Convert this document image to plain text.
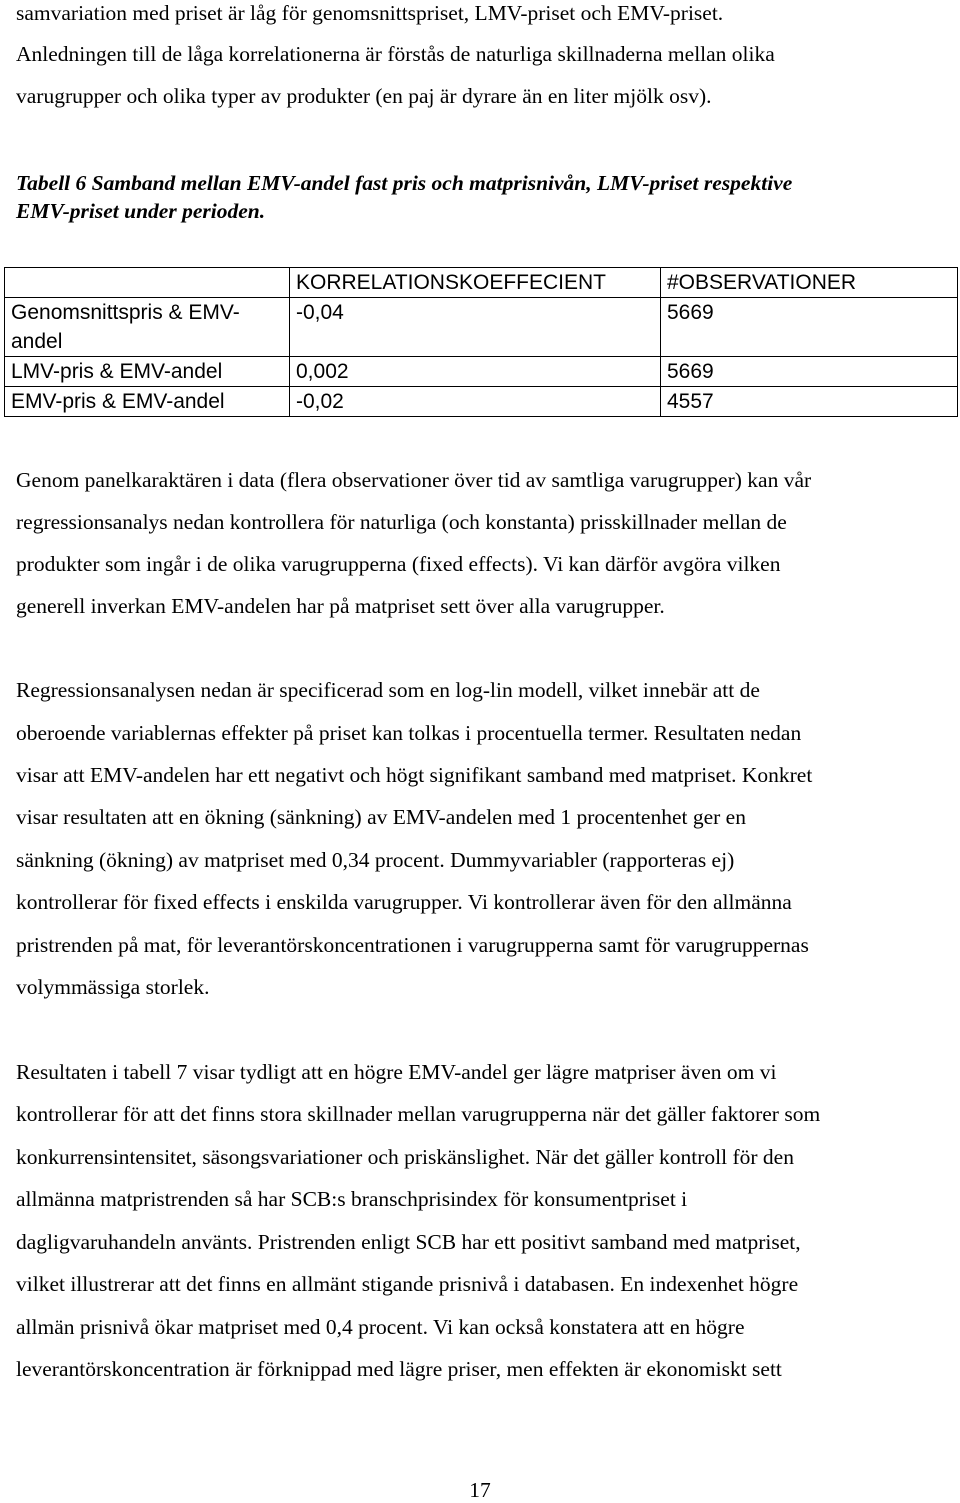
samvariation med priset är låg för genomsnittspriset, LMV-priset och EMV-priset.
Anledningen till de låga korrelationerna är förstås de naturliga skillnaderna mellan olika
varugrupper och olika typer av produkter (en paj är dyrare än en liter mjölk osv).
Tabell 6 Samband mellan EMV-andel fast pris och matprisnivån, LMV-priset respektive
EMV-priset under perioden.
	KORRELATIONSKOEFFECIENT	#OBSERVATIONER

Genomsnittspris & EMV-
andel	-0,04	5669
LMV-pris & EMV-andel	0,002	5669
EMV-pris & EMV-andel	-0,02	4557
Genom panelkaraktären i data (flera observationer över tid av samtliga varugrupper) kan vår
regressionsanalys nedan kontrollera för naturliga (och konstanta) prisskillnader mellan de
produkter som ingår i de olika varugrupperna (fixed effects). Vi kan därför avgöra vilken
generell inverkan EMV-andelen har på matpriset sett över alla varugrupper.
Regressionsanalysen nedan är specificerad som en log-lin modell, vilket innebär att de
oberoende variablernas effekter på priset kan tolkas i procentuella termer. Resultaten nedan
visar att EMV-andelen har ett negativt och högt signifikant samband med matpriset. Konkret
visar resultaten att en ökning (sänkning) av EMV-andelen med 1 procentenhet ger en
sänkning (ökning) av matpriset med 0,34 procent. Dummyvariabler (rapporteras ej)
kontrollerar för fixed effects i enskilda varugrupper. Vi kontrollerar även för den allmänna
pristrenden på mat, för leverantörskoncentrationen i varugrupperna samt för varugruppernas
volymmässiga storlek.
Resultaten i tabell 7 visar tydligt att en högre EMV-andel ger lägre matpriser även om vi
kontrollerar för att det finns stora skillnader mellan varugrupperna när det gäller faktorer som
konkurrensintensitet, säsongsvariationer och priskänslighet. När det gäller kontroll för den
allmänna matpristrenden så har SCB:s branschprisindex för konsumentpriset i
dagligvaruhandeln använts. Pristrenden enligt SCB har ett positivt samband med matpriset,
vilket illustrerar att det finns en allmänt stigande prisnivå i databasen. En indexenhet högre
allmän prisnivå ökar matpriset med 0,4 procent. Vi kan också konstatera att en högre
leverantörskoncentration är förknippad med lägre priser, men effekten är ekonomiskt sett
17
